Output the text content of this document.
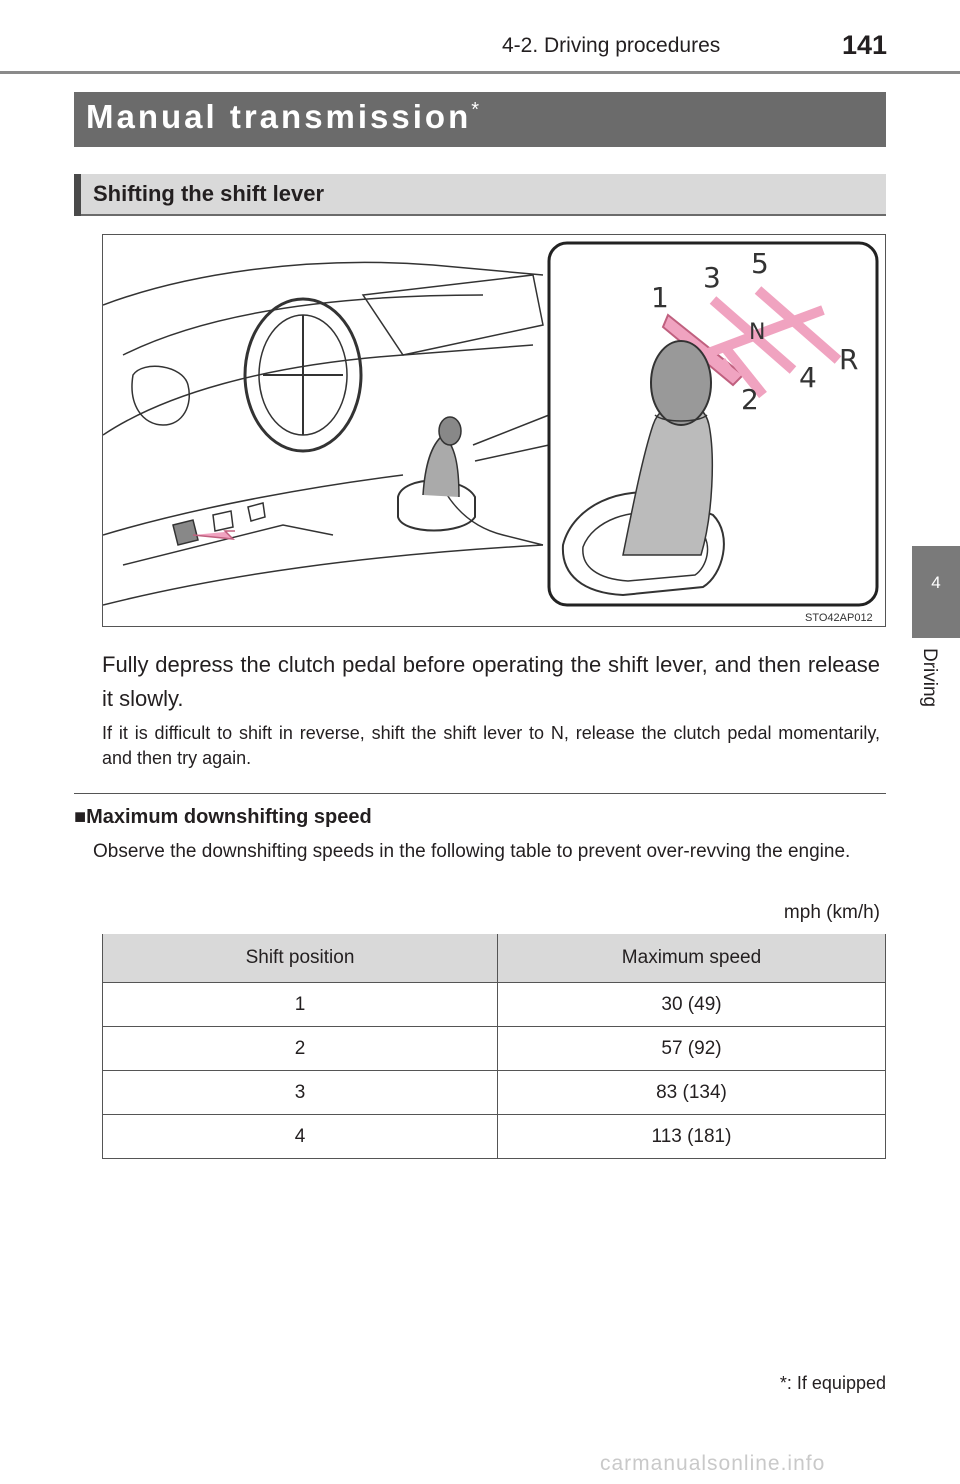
4-2. Driving procedures	141
4
Driving
Manual transmission*
Shifting the shift lever
1
2
3
4
5
N
R
STO42AP012
Fully depress the clutch pedal before operating the shift lever, and then release it slowly.
If it is difficult to shift in reverse, shift the shift lever to N, release the clutch pedal momentarily, and then try again.
■Maximum downshifting speed
Observe the downshifting speeds in the following table to prevent over-revving the engine.
mph (km/h)
Shift position	Maximum speed
1	30 (49)
2	57 (92)
3	83 (134)
4	113 (181)
*: If equipped
carmanualsonline.info
